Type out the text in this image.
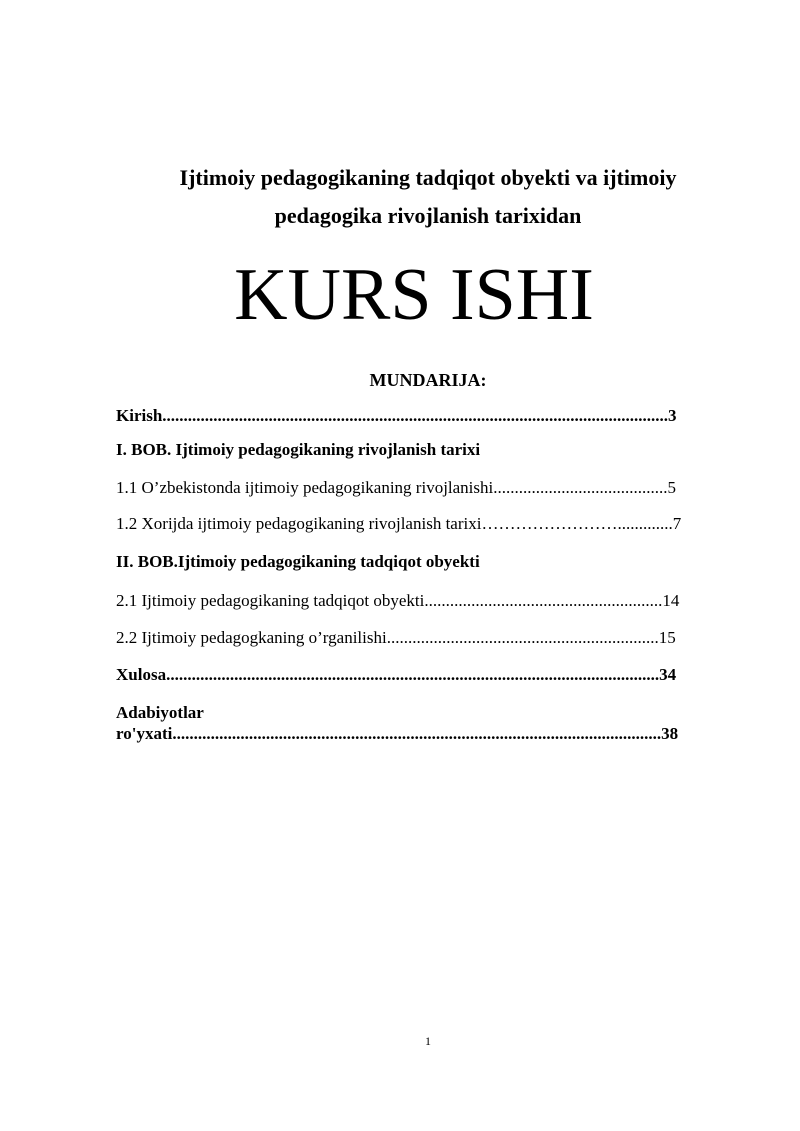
Ijtimoiy pedagogikaning tadqiqot obyekti va ijtimoiy
pedagogika rivojlanish tarixidan
KURS ISHI
MUNDARIJA:
Kirish.......................................................................................................................3
I. BOB. Ijtimoiy pedagogikaning rivojlanish tarixi
1.1 O’zbekistonda ijtimoiy pedagogikaning rivojlanishi.........................................5
1.2 Xorijda ijtimoiy pedagogikaning rivojlanish tarixi…………………….............7
II. BOB.Ijtimoiy pedagogikaning tadqiqot obyekti
2.1 Ijtimoiy pedagogikaning tadqiqot obyekti........................................................14
2.2 Ijtimoiy pedagogkaning o’rganilishi................................................................15
Xulosa....................................................................................................................34
Adabiyotlar
ro'yxati...................................................................................................................38
1
